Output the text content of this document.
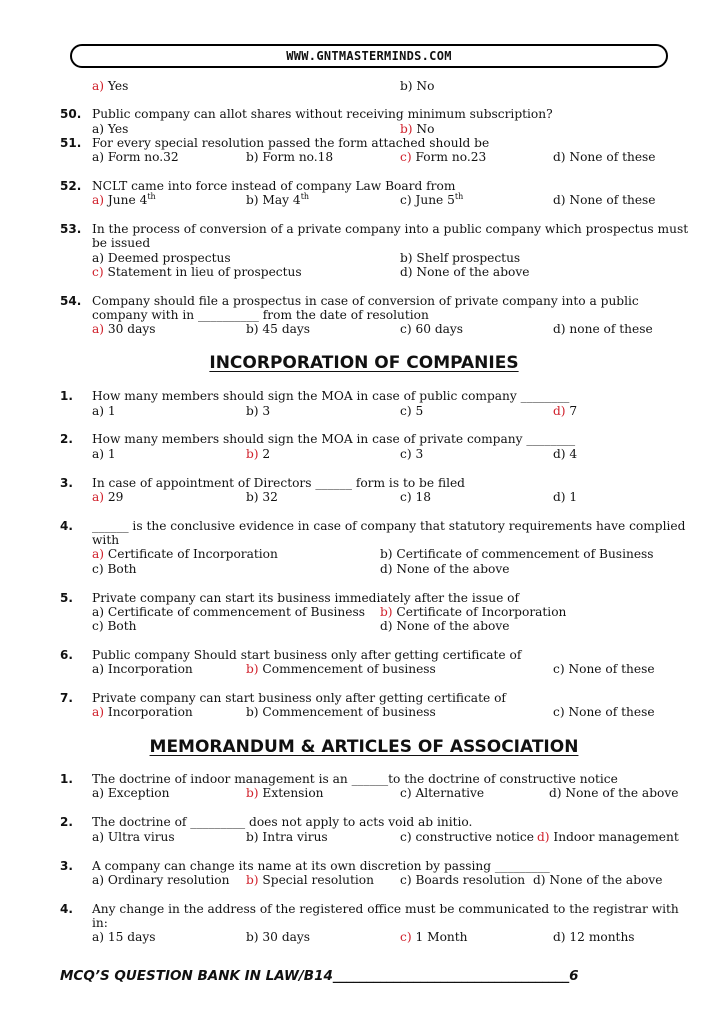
WWW.GNTMASTERMINDS.COM
INCORPORATION OF COMPANIES
MEMORANDUM & ARTICLES OF ASSOCIATION
a) Yes	b) No
50. Public company can allot shares without receiving minimum subscription?
a) Yes	b) No
51. For every special resolution passed the form attached should be
a) Form no.32	b) Form no.18	c) Form no.23	d) None of these
52. NCLT came into force instead of company Law Board from
a) June 4th	b) May 4th	c) June 5th	d) None of these
53. In the process of conversion of a private company into a public company which prospectus must
be issued
a) Deemed prospectus	b) Shelf prospectus
c) Statement in lieu of prospectus	d) None of the above
54. Company should file a prospectus in case of conversion of private company into a public
company with in __________ from the date of resolution
a) 30 days	b) 45 days	c) 60 days	d) none of these
1. How many members should sign the MOA in case of public company ________
a) 1	b) 3	c) 5	d) 7
2. How many members should sign the MOA in case of private company ________
a) 1	b) 2	c) 3	d) 4
3. In case of appointment of Directors ______ form is to be filed
a) 29	b) 32	c) 18	d) 1
4. ______ is the conclusive evidence in case of company that statutory requirements have complied
with
a) Certificate of Incorporation	b) Certificate of commencement of Business
c) Both	d) None of the above
5. Private company can start its business immediately after the issue of
a) Certificate of commencement of Business b) Certificate of Incorporation
c) Both	d) None of the above
6. Public company Should start business only after getting certificate of
a) Incorporation	b) Commencement of business	c) None of these
7. Private company can start business only after getting certificate of
a) Incorporation	b) Commencement of business	c) None of these
1. The doctrine of indoor management is an ______to the doctrine of constructive notice
a) Exception	b) Extension	c) Alternative	d) None of the above
2. The doctrine of _________ does not apply to acts void ab initio.
a) Ultra virus	b) Intra virus	c) constructive notice d) Indoor management
3. A company can change its name at its own discretion by passing _________
a) Ordinary resolution b) Special resolution c) Boards resolution d) None of the above
4. Any change in the address of the registered office must be communicated to the registrar with
in:
a) 15 days	b) 30 days	c) 1 Month	d) 12 months
MCQ’S QUESTION BANK IN LAW/B14___________________________________6
